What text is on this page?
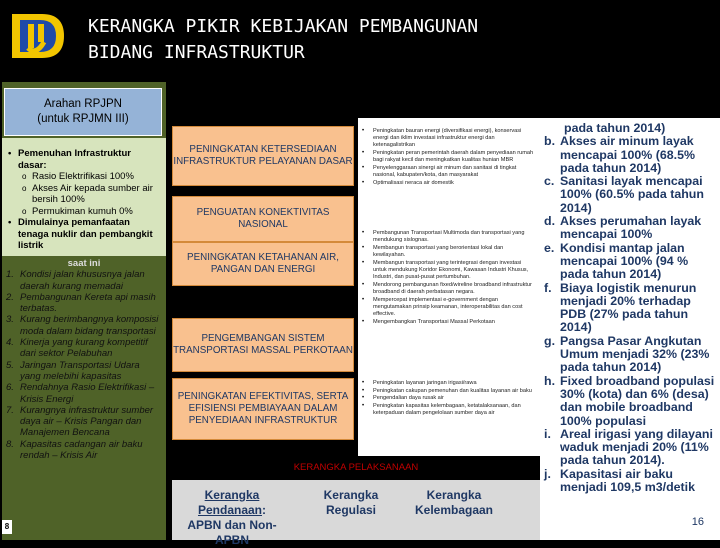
KERANGKA PIKIR KEBIJAKAN PEMBANGUNAN
BIDANG INFRASTRUKTUR
Arahan RPJPN
(untuk RPJMN III)
• Pemenuhan Infrastruktur dasar:
o Rasio Elektrifikasi 100%
o Akses Air kepada sumber air bersih 100%
o Permukiman kumuh 0%
• Dimulainya pemanfaatan tenaga nuklir dan pembangkit listrik
saat ini
1. Kondisi jalan khususnya jalan daerah kurang memadai
2. Pembangunan Kereta api masih terbatas.
3. Kurang berimbangnya komposisi moda dalam bidang transportasi
4. Kinerja yang kurang kompetitif dari sektor Pelabuhan
5. Jaringan Transportasi Udara yang melebihi kapasitas
6. Rendahnya Rasio Elektrifikasi – Krisis Energi
7. Kurangnya infrastruktur sumber daya air – Krisis Pangan dan Manajemen Bencana
8. Kapasitas cadangan air baku rendah – Krisis Air
8
PENINGKATAN KETERSEDIAAN INFRASTRUKTUR PELAYANAN DASAR
PENGUATAN KONEKTIVITAS NASIONAL
PENINGKATAN KETAHANAN AIR, PANGAN DAN ENERGI
PENGEMBANGAN SISTEM TRANSPORTASI MASSAL PERKOTAAN
PENINGKATAN EFEKTIVITAS, SERTA EFISIENSI PEMBIAYAAN DALAM PENYEDIAAN INFRASTRUKTUR
• Peningkatan bauran energi (diversifikasi energi), konservasi energi dan iklim investasi infrastruktur energi dan ketenagalistrikan
• Peningkatan peran pemerintah daerah dalam penyediaan rumah bagi rakyat kecil dan meningkatkan kualitas hunian MBR
• Penyelenggaraan sinergi air minum dan sanitasi di tingkat nasional, kabupaten/kota, dan masyarakat
• Optimalisasi neraca air domestik
• Pembangunan Transportasi Multimoda dan transportasi yang mendukung sislognas.
• Membangun transportasi yang berorientasi lokal dan kewilayahan.
• Membangun transportasi yang terintegrasi dengan investasi untuk mendukung Koridor Ekonomi, Kawasan Industri Khusus, Industri, dan pusat-pusat pertumbuhan.
• Mendorong pembangunan fixed/wireline broadband infrastruktur broadband di daerah perbatasan negara.
• Mempercepat implementasi e-government dengan mengutamakan prinsip keamanan, interoperabilitas dan cost effective.
• Mengembangkan Transportasi Massal Perkotaan
• Peningkatan layanan jaringan irigasi/rawa
• Peningkatan cakupan pemenuhan dan kualitas layanan air baku
• Pengendalian daya rusak air
• Peningkatan kapasitas kelembagaan, ketatalaksanaan, dan keterpaduan dalam pengelolaan sumber daya air
KERANGKA PELAKSANAAN
Kerangka Pendanaan: APBN dan Non-APBN
Kerangka Regulasi
Kerangka Kelembagaan
pada tahun 2014)
b. Akses air minum layak mencapai 100% (68.5% pada tahun 2014)
c. Sanitasi layak mencapai 100% (60.5% pada tahun 2014)
d. Akses perumahan layak mencapai 100%
e. Kondisi mantap jalan mencapai 100% (94 % pada tahun 2014)
f. Biaya logistik menurun menjadi 20% terhadap PDB (27% pada tahun 2014)
g. Pangsa Pasar Angkutan Umum menjadi 32% (23% pada tahun 2014)
h. Fixed broadband populasi 30% (kota) dan 6% (desa) dan mobile broadband 100% populasi
i. Areal irigasi yang dilayani waduk menjadi 20% (11% pada tahun 2014).
j. Kapasitasi air baku menjadi 109,5 m3/detik
16
